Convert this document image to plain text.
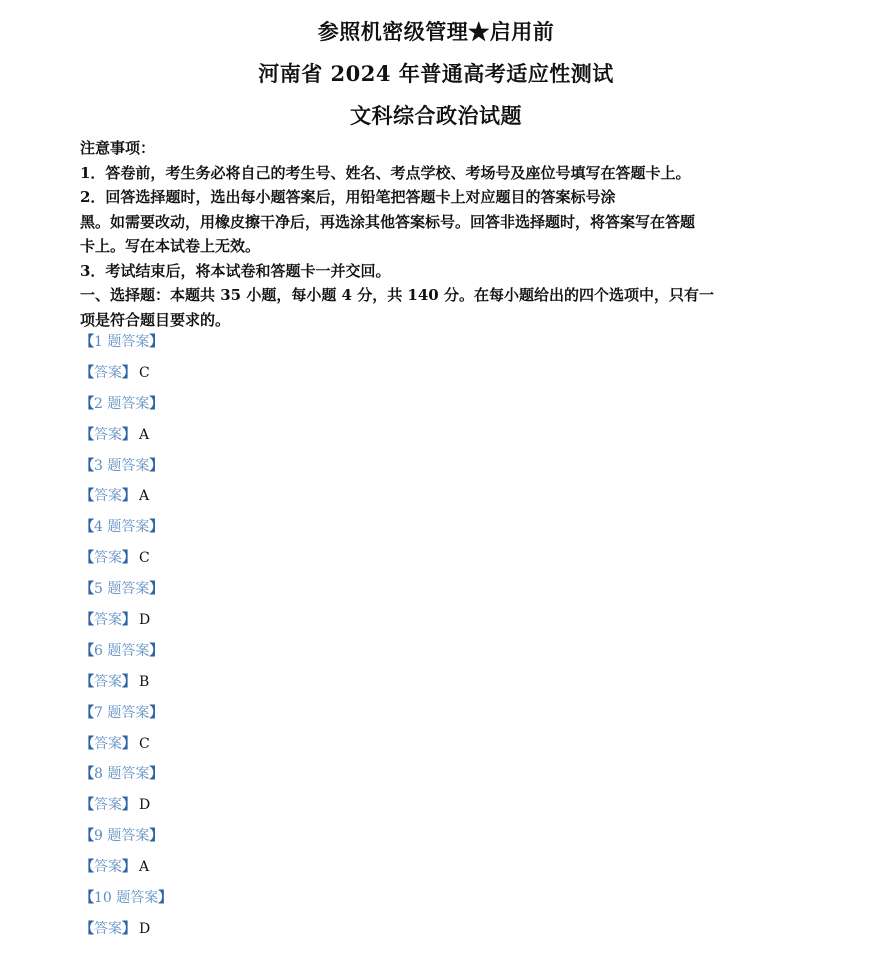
参照机密级管理★启用前
河南省 2024 年普通高考适应性测试
文科综合政治试题
注意事项：
1．答卷前，考生务必将自己的考生号、姓名、考点学校、考场号及座位号填写在答题卡上。
2．回答选择题时，选出每小题答案后，用铅笔把答题卡上对应题目的答案标号涂
黑。如需要改动，用橡皮擦干净后，再选涂其他答案标号。回答非选择题时，将答案写在答题
卡上。写在本试卷上无效。
3．考试结束后，将本试卷和答题卡一并交回。
一、选择题：本题共 35 小题，每小题 4 分，共 140 分。在每小题给出的四个选项中，只有一
项是符合题目要求的。
【1 题答案】
【答案】 C
【2 题答案】
【答案】 A
【3 题答案】
【答案】 A
【4 题答案】
【答案】 C
【5 题答案】
【答案】 D
【6 题答案】
【答案】 B
【7 题答案】
【答案】 C
【8 题答案】
【答案】 D
【9 题答案】
【答案】 A
【10 题答案】
【答案】 D
